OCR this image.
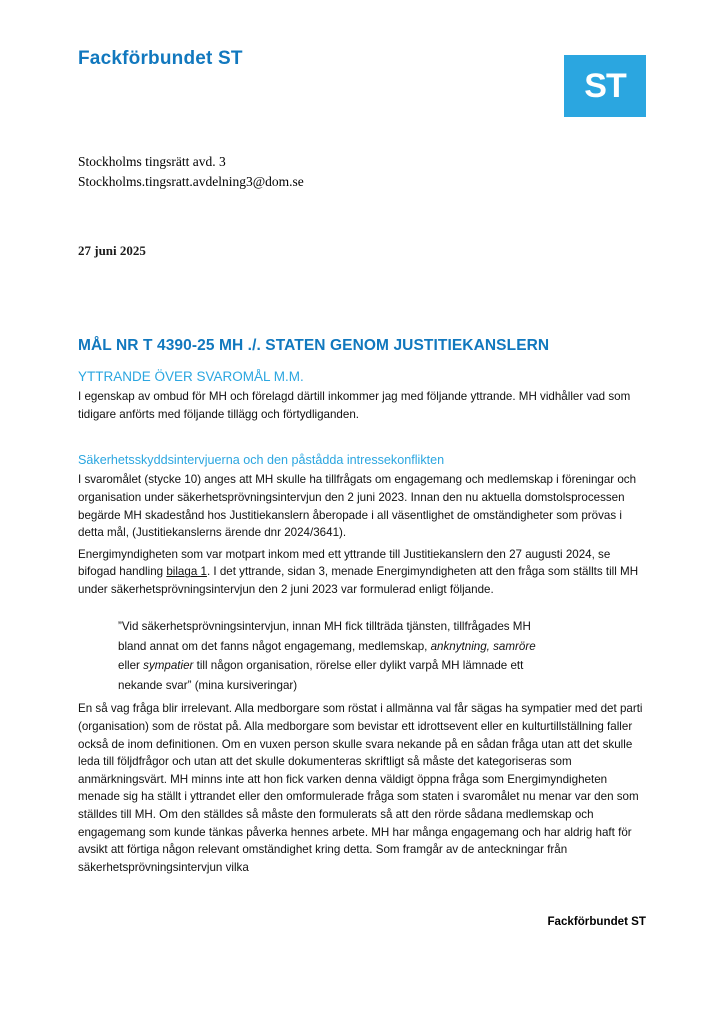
Fackförbundet ST
ST
Stockholms tingsrätt avd. 3
Stockholms.tingsratt.avdelning3@dom.se
27 juni 2025
MÅL NR T 4390-25 MH ./. STATEN GENOM JUSTITIEKANSLERN
YTTRANDE ÖVER SVAROMÅL M.M.

I egenskap av ombud för MH och förelagd därtill inkommer jag med följande yttrande. MH vidhåller vad som tidigare anförts med följande tillägg och förtydliganden.

Säkerhetsskyddsintervjuerna och den påstådda intressekonflikten

I svaromålet (stycke 10) anges att MH skulle ha tillfrågats om engagemang och medlemskap i föreningar och organisation under säkerhetsprövningsintervjun den 2 juni 2023. Innan den nu aktuella domstolsprocessen begärde MH skadestånd hos Justitiekanslern åberopade i all väsentlighet de omständigheter som prövas i detta mål, (Justitiekanslerns ärende dnr 2024/3641).

Energimyndigheten som var motpart inkom med ett yttrande till Justitiekanslern den 27 augusti 2024, se bifogad handling bilaga 1. I det yttrande, sidan 3, menade Energimyndigheten att den fråga som ställts till MH under säkerhetsprövningsintervjun den 2 juni 2023 var formulerad enligt följande.

”Vid säkerhetsprövningsintervjun, innan MH fick tillträda tjänsten, tillfrågades MH
bland annat om det fanns något engagemang, medlemskap, anknytning, samröre
eller sympatier till någon organisation, rörelse eller dylikt varpå MH lämnade ett
nekande svar” (mina kursiveringar)

En så vag fråga blir irrelevant. Alla medborgare som röstat i allmänna val får sägas ha sympatier med det parti (organisation) som de röstat på. Alla medborgare som bevistar ett idrottsevent eller en kulturtillställning faller också de inom definitionen. Om en vuxen person skulle svara nekande på en sådan fråga utan att det skulle leda till följdfrågor och utan att det skulle dokumenteras skriftligt så måste det kategoriseras som anmärkningsvärt. MH minns inte att hon fick varken denna väldigt öppna fråga som Energimyndigheten menade sig ha ställt i yttrandet eller den omformulerade fråga som staten i svaromålet nu menar var den som ställdes till MH. Om den ställdes så måste den formulerats så att den rörde sådana medlemskap och engagemang som kunde tänkas påverka hennes arbete. MH har många engagemang och har aldrig haft för avsikt att förtiga någon relevant omständighet kring detta. Som framgår av de anteckningar från säkerhetsprövningsintervjun vilka

Fackförbundet ST
